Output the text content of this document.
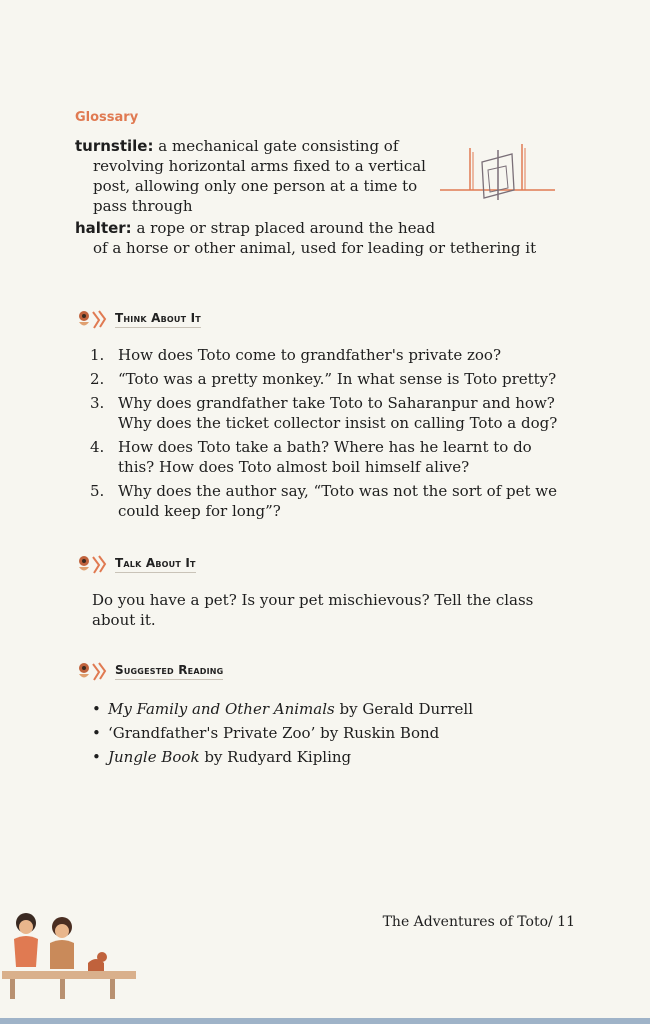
Glossary
turnstile: a mechanical gate consisting of
revolving horizontal arms fixed to a vertical
post, allowing only one person at a time to
pass through
halter: a rope or strap placed around the head
of a horse or other animal, used for leading or tethering it
Think About It
1. How does Toto come to grandfather's private zoo?
2. “Toto was a pretty monkey.” In what sense is Toto pretty?
3. Why does grandfather take Toto to Saharanpur and how?
Why does the ticket collector insist on calling Toto a dog?
4. How does Toto take a bath? Where has he learnt to do
this? How does Toto almost boil himself alive?
5. Why does the author say, “Toto was not the sort of pet we
could keep for long”?
Talk About It
Do you have a pet? Is your pet mischievous? Tell the class
about it.
Suggested Reading
• My Family and Other Animals by Gerald Durrell
• ‘Grandfather's Private Zoo’ by Ruskin Bond
• Jungle Book by Rudyard Kipling
The Adventures of Toto/ 11
